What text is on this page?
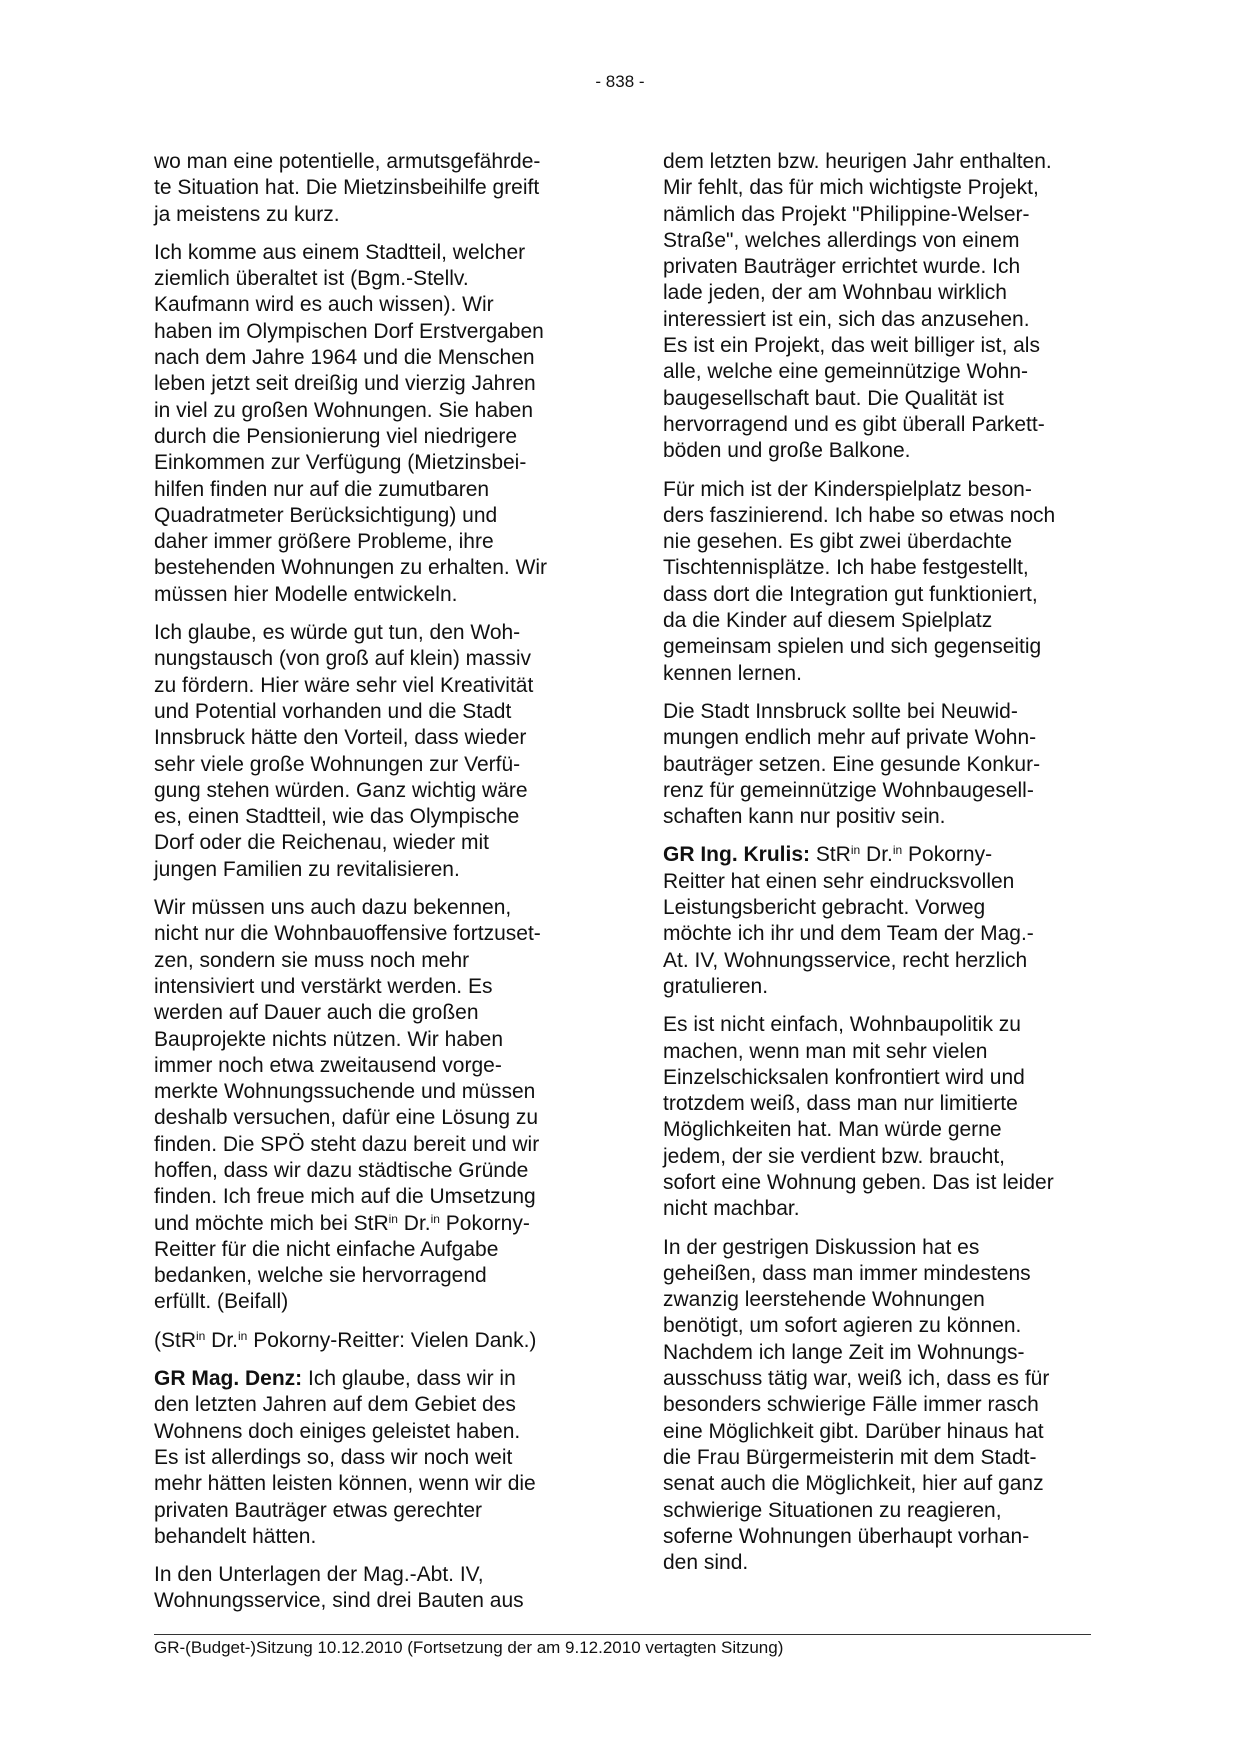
- 838 -

wo man eine potentielle, armutsgefährde-
te Situation hat. Die Mietzinsbeihilfe greift
ja meistens zu kurz.

Ich komme aus einem Stadtteil, welcher
ziemlich überaltet ist (Bgm.-Stellv.
Kaufmann wird es auch wissen). Wir
haben im Olympischen Dorf Erstvergaben
nach dem Jahre 1964 und die Menschen
leben jetzt seit dreißig und vierzig Jahren
in viel zu großen Wohnungen. Sie haben
durch die Pensionierung viel niedrigere
Einkommen zur Verfügung (Mietzinsbei-
hilfen finden nur auf die zumutbaren
Quadratmeter Berücksichtigung) und
daher immer größere Probleme, ihre
bestehenden Wohnungen zu erhalten. Wir
müssen hier Modelle entwickeln.

Ich glaube, es würde gut tun, den Woh-
nungstausch (von groß auf klein) massiv
zu fördern. Hier wäre sehr viel Kreativität
und Potential vorhanden und die Stadt
Innsbruck hätte den Vorteil, dass wieder
sehr viele große Wohnungen zur Verfü-
gung stehen würden. Ganz wichtig wäre
es, einen Stadtteil, wie das Olympische
Dorf oder die Reichenau, wieder mit
jungen Familien zu revitalisieren.

Wir müssen uns auch dazu bekennen,
nicht nur die Wohnbauoffensive fortzuset-
zen, sondern sie muss noch mehr
intensiviert und verstärkt werden. Es
werden auf Dauer auch die großen
Bauprojekte nichts nützen. Wir haben
immer noch etwa zweitausend vorge-
merkte Wohnungssuchende und müssen
deshalb versuchen, dafür eine Lösung zu
finden. Die SPÖ steht dazu bereit und wir
hoffen, dass wir dazu städtische Gründe
finden. Ich freue mich auf die Umsetzung
und möchte mich bei StR$^{in}$ Dr.$^{in}$ Pokorny-
Reitter für die nicht einfache Aufgabe
bedanken, welche sie hervorragend
erfüllt. (Beifall)

(StR$^{in}$ Dr.$^{in}$ Pokorny-Reitter: Vielen Dank.)

GR Mag. Denz: Ich glaube, dass wir in
den letzten Jahren auf dem Gebiet des
Wohnens doch einiges geleistet haben.
Es ist allerdings so, dass wir noch weit
mehr hätten leisten können, wenn wir die
privaten Bauträger etwas gerechter
behandelt hätten.

In den Unterlagen der Mag.-Abt. IV,
Wohnungsservice, sind drei Bauten aus

dem letzten bzw. heurigen Jahr enthalten.
Mir fehlt, das für mich wichtigste Projekt,
nämlich das Projekt "Philippine-Welser-
Straße", welches allerdings von einem
privaten Bauträger errichtet wurde. Ich
lade jeden, der am Wohnbau wirklich
interessiert ist ein, sich das anzusehen.
Es ist ein Projekt, das weit billiger ist, als
alle, welche eine gemeinnützige Wohn-
baugesellschaft baut. Die Qualität ist
hervorragend und es gibt überall Parkett-
böden und große Balkone.

Für mich ist der Kinderspielplatz beson-
ders faszinierend. Ich habe so etwas noch
nie gesehen. Es gibt zwei überdachte
Tischtennisplätze. Ich habe festgestellt,
dass dort die Integration gut funktioniert,
da die Kinder auf diesem Spielplatz
gemeinsam spielen und sich gegenseitig
kennen lernen.

Die Stadt Innsbruck sollte bei Neuwid-
mungen endlich mehr auf private Wohn-
bauträger setzen. Eine gesunde Konkur-
renz für gemeinnützige Wohnbaugesell-
schaften kann nur positiv sein.

GR Ing. Krulis: StR$^{in}$ Dr.$^{in}$ Pokorny-
Reitter hat einen sehr eindrucksvollen
Leistungsbericht gebracht. Vorweg
möchte ich ihr und dem Team der Mag.-
At. IV, Wohnungsservice, recht herzlich
gratulieren.

Es ist nicht einfach, Wohnbaupolitik zu
machen, wenn man mit sehr vielen
Einzelschicksalen konfrontiert wird und
trotzdem weiß, dass man nur limitierte
Möglichkeiten hat. Man würde gerne
jedem, der sie verdient bzw. braucht,
sofort eine Wohnung geben. Das ist leider
nicht machbar.

In der gestrigen Diskussion hat es
geheißen, dass man immer mindestens
zwanzig leerstehende Wohnungen
benötigt, um sofort agieren zu können.
Nachdem ich lange Zeit im Wohnungs-
ausschuss tätig war, weiß ich, dass es für
besonders schwierige Fälle immer rasch
eine Möglichkeit gibt. Darüber hinaus hat
die Frau Bürgermeisterin mit dem Stadt-
senat auch die Möglichkeit, hier auf ganz
schwierige Situationen zu reagieren,
soferne Wohnungen überhaupt vorhan-
den sind.

GR-(Budget-)Sitzung 10.12.2010 (Fortsetzung der am 9.12.2010 vertagten Sitzung)
